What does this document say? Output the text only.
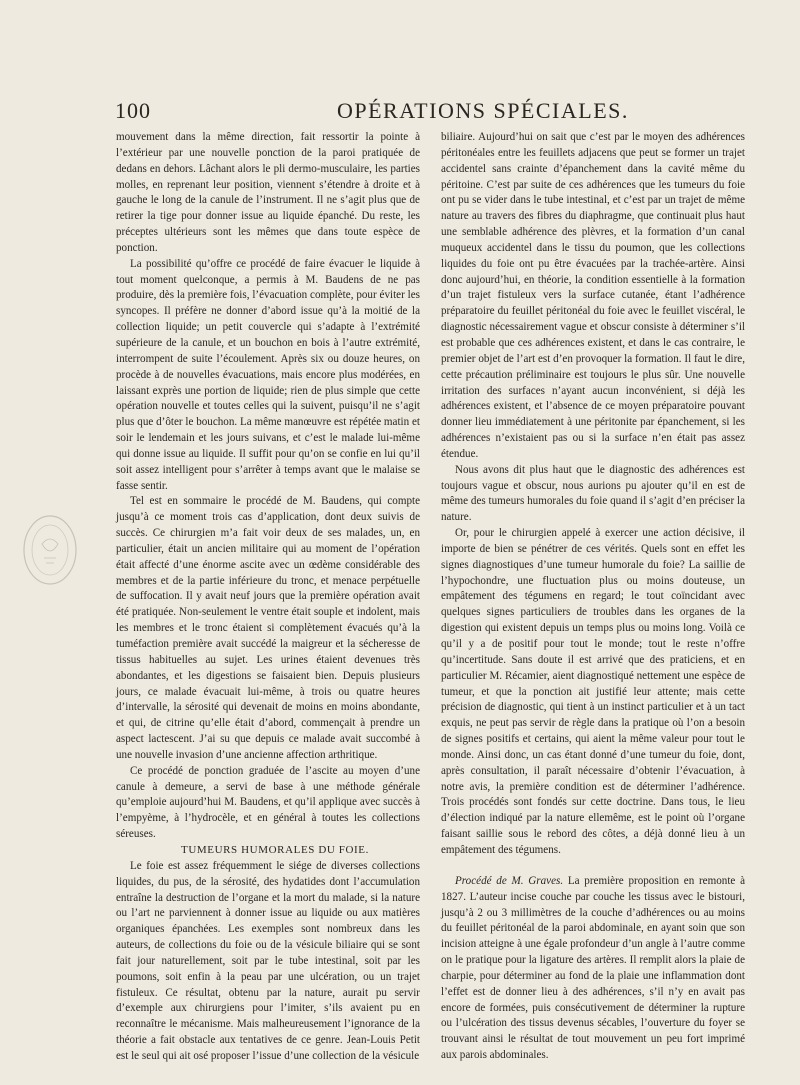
100	OPÉRATIONS SPÉCIALES.

mouvement dans la même direction, fait ressortir la pointe à l’extérieur par une nouvelle ponction de la paroi pratiquée de dedans en dehors. Lâchant alors le pli dermo-musculaire, les parties molles, en reprenant leur position, viennent s’étendre à droite et à gauche le long de la canule de l’instrument. Il ne s’agit plus que de retirer la tige pour donner issue au liquide épanché. Du reste, les préceptes ultérieurs sont les mêmes que dans toute espèce de ponction.

La possibilité qu’offre ce procédé de faire évacuer le liquide à tout moment quelconque, a permis à M. Baudens de ne pas produire, dès la première fois, l’évacuation complète, pour éviter les syncopes. Il préfère ne donner d’abord issue qu’à la moitié de la collection liquide; un petit couvercle qui s’adapte à l’extrémité supérieure de la canule, et un bouchon en bois à l’autre extrémité, interrompent de suite l’écoulement. Après six ou douze heures, on procède à de nouvelles évacuations, mais encore plus modérées, en laissant exprès une portion de liquide; rien de plus simple que cette opération nouvelle et toutes celles qui la suivent, puisqu’il ne s’agit plus que d’ôter le bouchon. La même manœuvre est répétée matin et soir le lendemain et les jours suivans, et c’est le malade lui-même qui donne issue au liquide. Il suffit pour qu’on se confie en lui qu’il soit assez intelligent pour s’arrêter à temps avant que le malaise se fasse sentir.

Tel est en sommaire le procédé de M. Baudens, qui compte jusqu’à ce moment trois cas d’application, dont deux suivis de succès. Ce chirurgien m’a fait voir deux de ses malades, un, en particulier, était un ancien militaire qui au moment de l’opération était affecté d’une énorme ascite avec un œdème considérable des membres et de la partie inférieure du tronc, et menace perpétuelle de suffocation. Il y avait neuf jours que la première opération avait été pratiquée. Non-seulement le ventre était souple et indolent, mais les membres et le tronc étaient si complètement évacués qu’à la tuméfaction première avait succédé la maigreur et la sécheresse de tissus habituelles au sujet. Les urines étaient devenues très abondantes, et les digestions se faisaient bien. Depuis plusieurs jours, ce malade évacuait lui-même, à trois ou quatre heures d’intervalle, la sérosité qui devenait de moins en moins abondante, et qui, de citrine qu’elle était d’abord, commençait à prendre un aspect lactescent. J’ai su que depuis ce malade avait succombé à une nouvelle invasion d’une ancienne affection arthritique.

Ce procédé de ponction graduée de l’ascite au moyen d’une canule à demeure, a servi de base à une méthode générale qu’emploie aujourd’hui M. Baudens, et qu’il applique avec succès à l’empyème, à l’hydrocèle, et en général à toutes les collections séreuses.

TUMEURS HUMORALES DU FOIE.

Le foie est assez fréquemment le siége de diverses collections liquides, du pus, de la sérosité, des hydatides dont l’accumulation entraîne la destruction de l’organe et la mort du malade, si la nature ou l’art ne parviennent à donner issue au liquide ou aux matières organiques épanchées. Les exemples sont nombreux dans les auteurs, de collections du foie ou de la vésicule biliaire qui se sont fait jour naturellement, soit par le tube intestinal, soit par les poumons, soit enfin à la peau par une ulcération, ou un trajet fistuleux. Ce résultat, obtenu par la nature, aurait pu servir d’exemple aux chirurgiens pour l’imiter, s’ils avaient pu en reconnaître le mécanisme. Mais malheureusement l’ignorance de la théorie a fait obstacle aux tentatives de ce genre. Jean-Louis Petit est le seul qui ait osé proposer l’issue d’une collection de la vésicule

biliaire. Aujourd’hui on sait que c’est par le moyen des adhérences péritonéales entre les feuillets adjacens que peut se former un trajet accidentel sans crainte d’épanchement dans la cavité même du péritoine. C’est par suite de ces adhérences que les tumeurs du foie ont pu se vider dans le tube intestinal, et c’est par un trajet de même nature au travers des fibres du diaphragme, que continuait plus haut une semblable adhérence des plèvres, et la formation d’un canal muqueux accidentel dans le tissu du poumon, que les collections liquides du foie ont pu être évacuées par la trachée-artère. Ainsi donc aujourd’hui, en théorie, la condition essentielle à la formation d’un trajet fistuleux vers la surface cutanée, étant l’adhérence préparatoire du feuillet péritonéal du foie avec le feuillet viscéral, le diagnostic nécessairement vague et obscur consiste à déterminer s’il est probable que ces adhérences existent, et dans le cas contraire, le premier objet de l’art est d’en provoquer la formation. Il faut le dire, cette précaution préliminaire est toujours le plus sûr. Une nouvelle irritation des surfaces n’ayant aucun inconvénient, si déjà les adhérences existent, et l’absence de ce moyen préparatoire pouvant donner lieu immédiatement à une péritonite par épanchement, si les adhérences n’existaient pas ou si la surface n’en était pas assez étendue.

Nous avons dit plus haut que le diagnostic des adhérences est toujours vague et obscur, nous aurions pu ajouter qu’il en est de même des tumeurs humorales du foie quand il s’agit d’en préciser la nature.

Or, pour le chirurgien appelé à exercer une action décisive, il importe de bien se pénétrer de ces vérités. Quels sont en effet les signes diagnostiques d’une tumeur humorale du foie? La saillie de l’hypochondre, une fluctuation plus ou moins douteuse, un empâtement des tégumens en regard; le tout coïncidant avec quelques signes particuliers de troubles dans les organes de la digestion qui existent depuis un temps plus ou moins long. Voilà ce qu’il y a de positif pour tout le monde; tout le reste n’offre qu’incertitude. Sans doute il est arrivé que des praticiens, et en particulier M. Récamier, aient diagnostiqué nettement une espèce de tumeur, et que la ponction ait justifié leur attente; mais cette précision de diagnostic, qui tient à un instinct particulier et à un tact exquis, ne peut pas servir de règle dans la pratique où l’on a besoin de signes positifs et certains, qui aient la même valeur pour tout le monde. Ainsi donc, un cas étant donné d’une tumeur du foie, dont, après consultation, il paraît nécessaire d’obtenir l’évacuation, à notre avis, la première condition est de déterminer l’adhérence. Trois procédés sont fondés sur cette doctrine. Dans tous, le lieu d’élection indiqué par la nature ellemême, est le point où l’organe faisant saillie sous le rebord des côtes, a déjà donné lieu à un empâtement des tégumens.

Procédé de M. Graves. La première proposition en remonte à 1827. L’auteur incise couche par couche les tissus avec le bistouri, jusqu’à 2 ou 3 millimètres de la couche d’adhérences ou au moins du feuillet péritonéal de la paroi abdominale, en ayant soin que son incision atteigne à une égale profondeur d’un angle à l’autre comme on le pratique pour la ligature des artères. Il remplit alors la plaie de charpie, pour déterminer au fond de la plaie une inflammation dont l’effet est de donner lieu à des adhérences, s’il n’y en avait pas encore de formées, puis consécutivement de déterminer la rupture ou l’ulcération des tissus devenus sécables, l’ouverture du foyer se trouvant ainsi le résultat de tout mouvement un peu fort imprimé aux parois abdominales.
